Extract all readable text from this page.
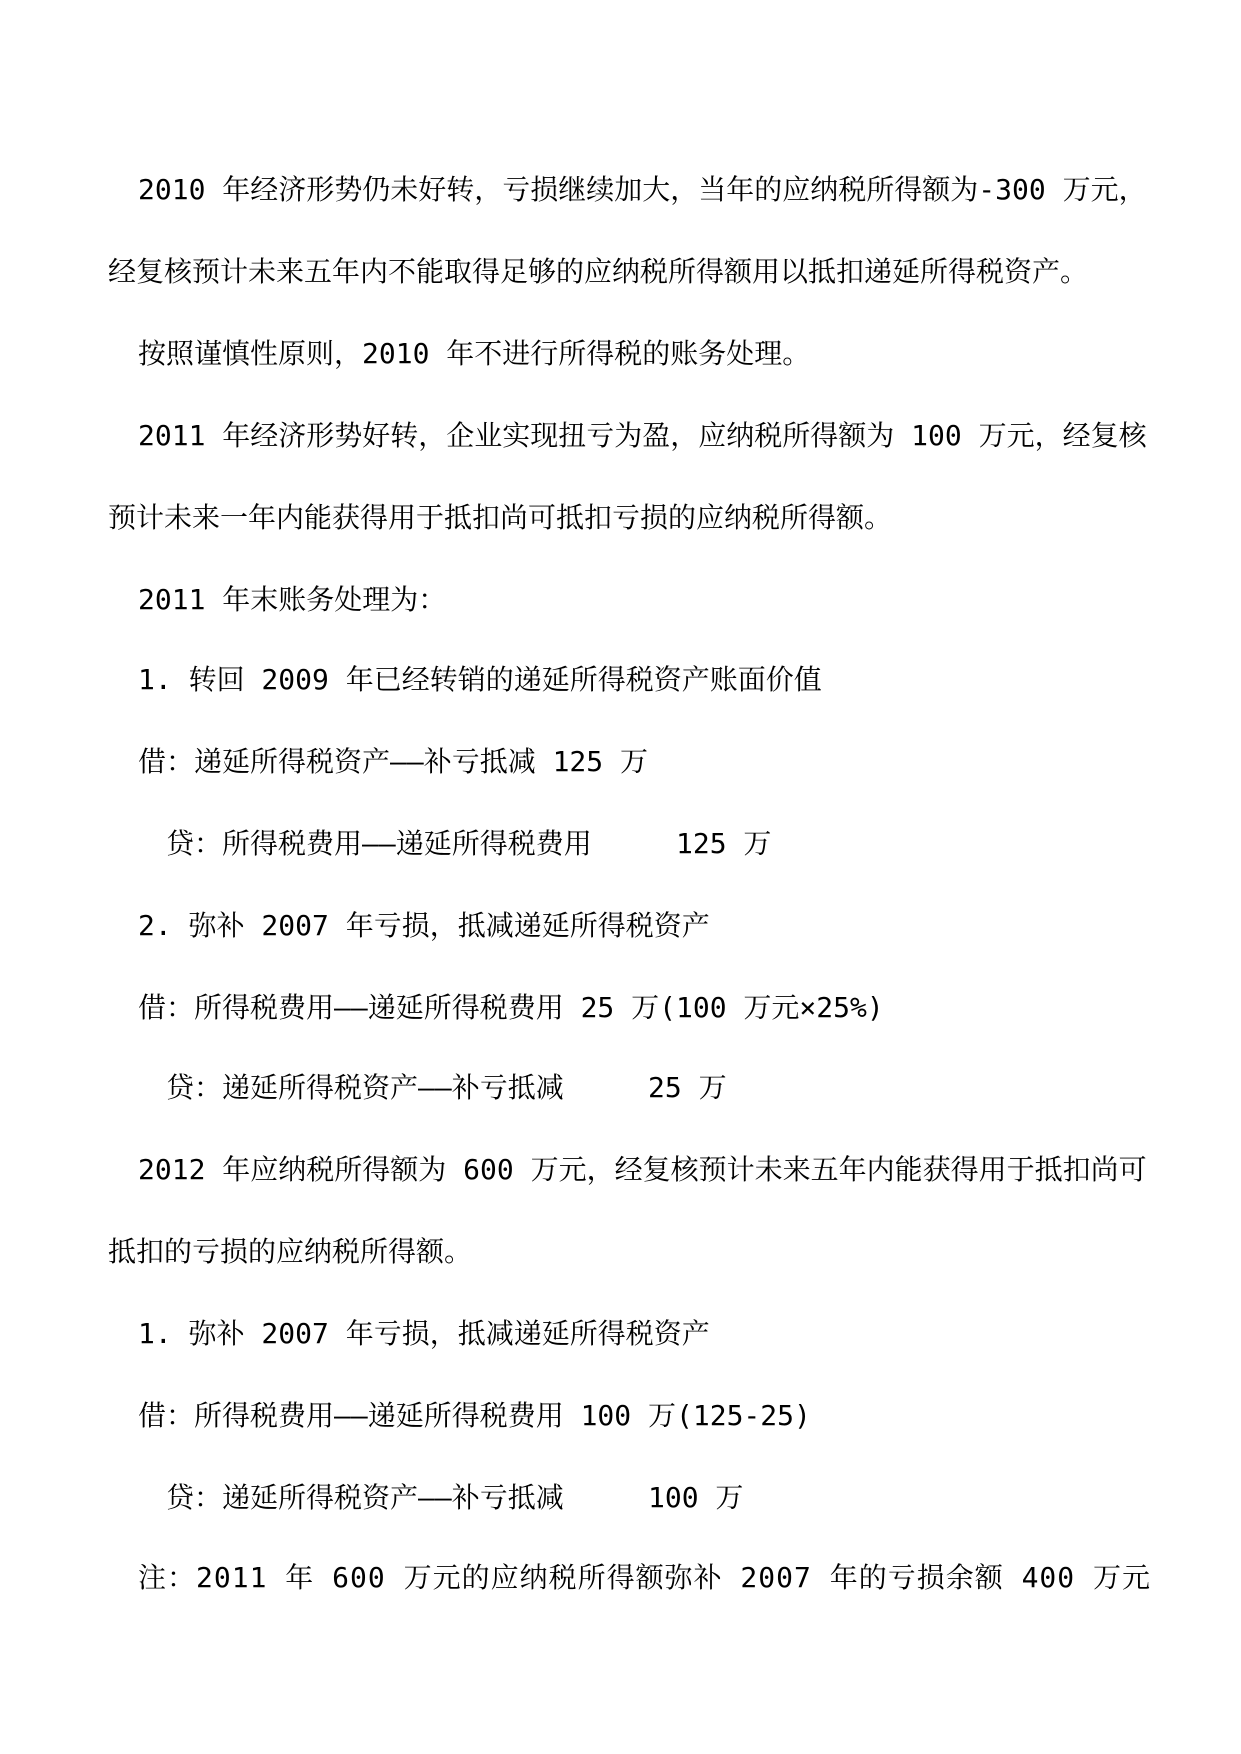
2010 年经济形势仍未好转，亏损继续加大，当年的应纳税所得额为-300 万元，
经复核预计未来五年内不能取得足够的应纳税所得额用以抵扣递延所得税资产。
按照谨慎性原则，2010 年不进行所得税的账务处理。
2011 年经济形势好转，企业实现扭亏为盈，应纳税所得额为 100 万元，经复核
预计未来一年内能获得用于抵扣尚可抵扣亏损的应纳税所得额。
2011 年末账务处理为：
1. 转回 2009 年已经转销的递延所得税资产账面价值
借：递延所得税资产——补亏抵减 125 万
贷：所得税费用——递延所得税费用     125 万
2. 弥补 2007 年亏损，抵减递延所得税资产
借：所得税费用——递延所得税费用 25 万(100 万元×25%)
贷：递延所得税资产——补亏抵减     25 万
2012 年应纳税所得额为 600 万元，经复核预计未来五年内能获得用于抵扣尚可
抵扣的亏损的应纳税所得额。
1. 弥补 2007 年亏损，抵减递延所得税资产
借：所得税费用——递延所得税费用 100 万(125-25)
贷：递延所得税资产——补亏抵减     100 万
注：2011 年 600 万元的应纳税所得额弥补 2007 年的亏损余额 400 万元
